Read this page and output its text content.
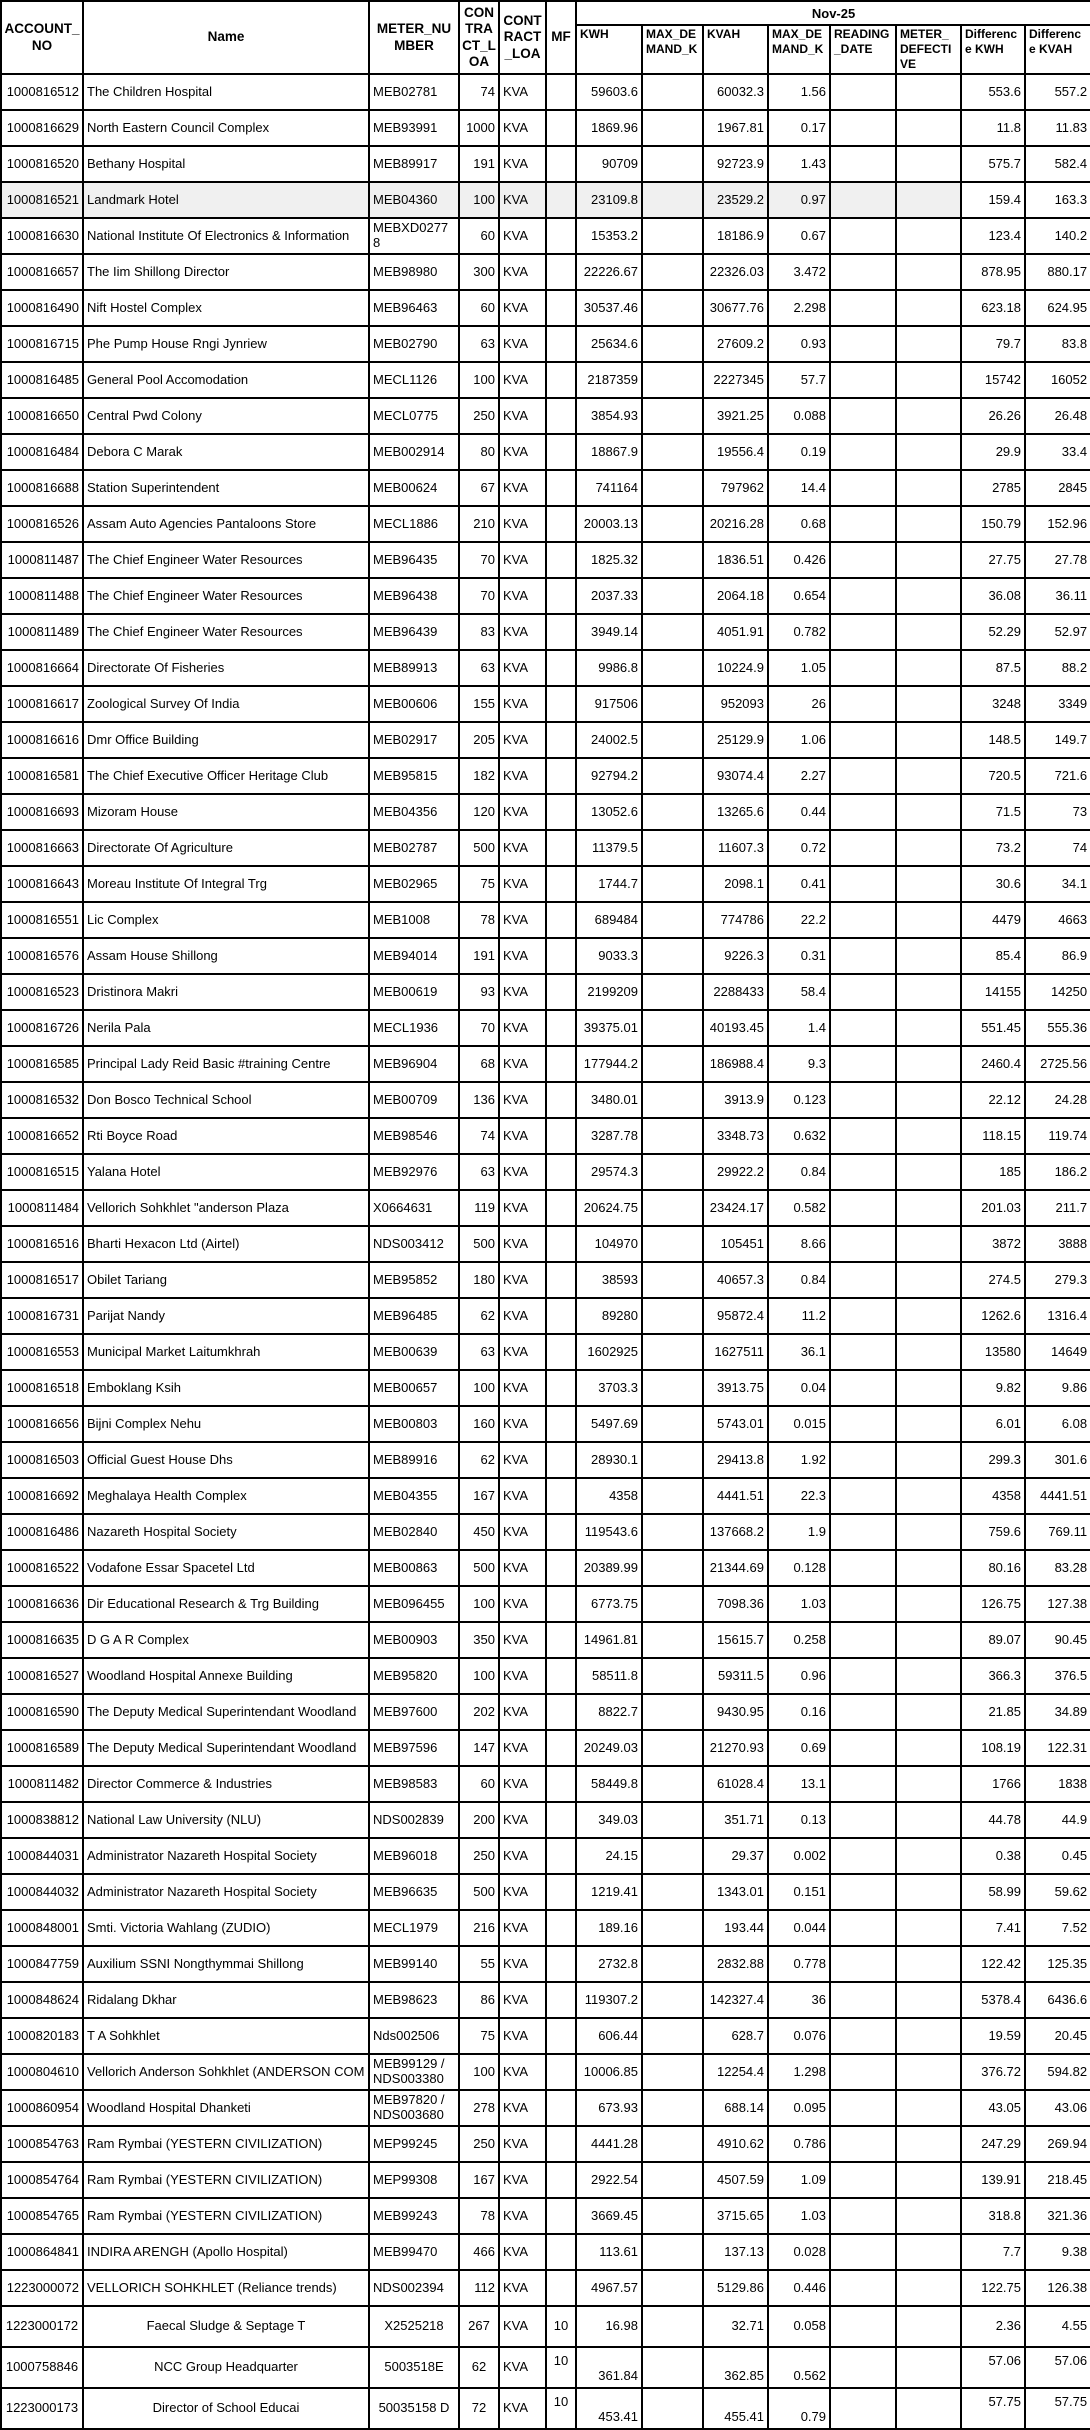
ACCOUNT_NO	Name	METER_NUMBER	CONTRACT_LOA	CONTRACT_LOA	MF	Nov-25							
						KWH	MAX_DEMAND_K	KVAH	MAX_DEMAND_K	READING_DATE	METER_DEFECTIVE	Difference KWH	Difference KVAH
1000816512	The Children Hospital	MEB02781	74	KVA		59603.6		60032.3	1.56			553.6	557.2
1000816629	North Eastern Council Complex	MEB93991	1000	KVA		1869.96		1967.81	0.17			11.8	11.83
1000816520	Bethany Hospital	MEB89917	191	KVA		90709		92723.9	1.43			575.7	582.4
1000816521	Landmark Hotel	MEB04360	100	KVA		23109.8		23529.2	0.97			159.4	163.3
1000816630	National Institute Of Electronics & Information	MEBXD02778	60	KVA		15353.2		18186.9	0.67			123.4	140.2
1000816657	The Iim Shillong Director	MEB98980	300	KVA		22226.67		22326.03	3.472			878.95	880.17
1000816490	Nift Hostel Complex	MEB96463	60	KVA		30537.46		30677.76	2.298			623.18	624.95
1000816715	Phe Pump House Rngi Jynriew	MEB02790	63	KVA		25634.6		27609.2	0.93			79.7	83.8
1000816485	General Pool Accomodation	MECL1126	100	KVA		2187359		2227345	57.7			15742	16052
1000816650	Central Pwd Colony	MECL0775	250	KVA		3854.93		3921.25	0.088			26.26	26.48
1000816484	Debora C Marak	MEB002914	80	KVA		18867.9		19556.4	0.19			29.9	33.4
1000816688	Station Superintendent	MEB00624	67	KVA		741164		797962	14.4			2785	2845
1000816526	Assam Auto Agencies Pantaloons Store	MECL1886	210	KVA		20003.13		20216.28	0.68			150.79	152.96
1000811487	The Chief Engineer Water Resources	MEB96435	70	KVA		1825.32		1836.51	0.426			27.75	27.78
1000811488	The Chief Engineer Water Resources	MEB96438	70	KVA		2037.33		2064.18	0.654			36.08	36.11
1000811489	The Chief Engineer Water Resources	MEB96439	83	KVA		3949.14		4051.91	0.782			52.29	52.97
1000816664	Directorate Of Fisheries	MEB89913	63	KVA		9986.8		10224.9	1.05			87.5	88.2
1000816617	Zoological Survey Of India	MEB00606	155	KVA		917506		952093	26			3248	3349
1000816616	Dmr Office Building	MEB02917	205	KVA		24002.5		25129.9	1.06			148.5	149.7
1000816581	The Chief Executive Officer Heritage Club	MEB95815	182	KVA		92794.2		93074.4	2.27			720.5	721.6
1000816693	Mizoram House	MEB04356	120	KVA		13052.6		13265.6	0.44			71.5	73
1000816663	Directorate Of Agriculture	MEB02787	500	KVA		11379.5		11607.3	0.72			73.2	74
1000816643	Moreau Institute Of Integral Trg	MEB02965	75	KVA		1744.7		2098.1	0.41			30.6	34.1
1000816551	Lic Complex	MEB1008	78	KVA		689484		774786	22.2			4479	4663
1000816576	Assam House Shillong	MEB94014	191	KVA		9033.3		9226.3	0.31			85.4	86.9
1000816523	Dristinora Makri	MEB00619	93	KVA		2199209		2288433	58.4			14155	14250
1000816726	Nerila Pala	MECL1936	70	KVA		39375.01		40193.45	1.4			551.45	555.36
1000816585	Principal Lady Reid Basic #training Centre	MEB96904	68	KVA		177944.2		186988.4	9.3			2460.4	2725.56
1000816532	Don Bosco Technical School	MEB00709	136	KVA		3480.01		3913.9	0.123			22.12	24.28
1000816652	Rti Boyce Road	MEB98546	74	KVA		3287.78		3348.73	0.632			118.15	119.74
1000816515	Yalana Hotel	MEB92976	63	KVA		29574.3		29922.2	0.84			185	186.2
1000811484	Vellorich Sohkhlet "anderson Plaza	X0664631	119	KVA		20624.75		23424.17	0.582			201.03	211.7
1000816516	Bharti Hexacon Ltd (Airtel)	NDS003412	500	KVA		104970		105451	8.66			3872	3888
1000816517	Obilet Tariang	MEB95852	180	KVA		38593		40657.3	0.84			274.5	279.3
1000816731	Parijat Nandy	MEB96485	62	KVA		89280		95872.4	11.2			1262.6	1316.4
1000816553	Municipal Market Laitumkhrah	MEB00639	63	KVA		1602925		1627511	36.1			13580	14649
1000816518	Emboklang Ksih	MEB00657	100	KVA		3703.3		3913.75	0.04			9.82	9.86
1000816656	Bijni Complex Nehu	MEB00803	160	KVA		5497.69		5743.01	0.015			6.01	6.08
1000816503	Official Guest House Dhs	MEB89916	62	KVA		28930.1		29413.8	1.92			299.3	301.6
1000816692	Meghalaya Health Complex	MEB04355	167	KVA		4358		4441.51	22.3			4358	4441.51
1000816486	Nazareth Hospital Society	MEB02840	450	KVA		119543.6		137668.2	1.9			759.6	769.11
1000816522	Vodafone Essar Spacetel Ltd	MEB00863	500	KVA		20389.99		21344.69	0.128			80.16	83.28
1000816636	Dir Educational Research & Trg Building	MEB096455	100	KVA		6773.75		7098.36	1.03			126.75	127.38
1000816635	D G A R Complex	MEB00903	350	KVA		14961.81		15615.7	0.258			89.07	90.45
1000816527	Woodland Hospital Annexe Building	MEB95820	100	KVA		58511.8		59311.5	0.96			366.3	376.5
1000816590	The Deputy Medical Superintendant Woodland	MEB97600	202	KVA		8822.7		9430.95	0.16			21.85	34.89
1000816589	The Deputy Medical Superintendant Woodland	MEB97596	147	KVA		20249.03		21270.93	0.69			108.19	122.31
1000811482	Director Commerce & Industries	MEB98583	60	KVA		58449.8		61028.4	13.1			1766	1838
1000838812	National Law University (NLU)	NDS002839	200	KVA		349.03		351.71	0.13			44.78	44.9
1000844031	Administrator Nazareth Hospital Society	MEB96018	250	KVA		24.15		29.37	0.002			0.38	0.45
1000844032	Administrator Nazareth Hospital Society	MEB96635	500	KVA		1219.41		1343.01	0.151			58.99	59.62
1000848001	Smti. Victoria Wahlang (ZUDIO)	MECL1979	216	KVA		189.16		193.44	0.044			7.41	7.52
1000847759	Auxilium SSNI Nongthymmai Shillong	MEB99140	55	KVA		2732.8		2832.88	0.778			122.42	125.35
1000848624	Ridalang Dkhar	MEB98623	86	KVA		119307.2		142327.4	36			5378.4	6436.6
1000820183	T A Sohkhlet	Nds002506	75	KVA		606.44		628.7	0.076			19.59	20.45
1000804610	Vellorich Anderson Sohkhlet (ANDERSON COM	MEB99129 / NDS003380	100	KVA		10006.85		12254.4	1.298			376.72	594.82
1000860954	Woodland Hospital Dhanketi	MEB97820 / NDS003680	278	KVA		673.93		688.14	0.095			43.05	43.06
1000854763	Ram Rymbai (YESTERN CIVILIZATION)	MEP99245	250	KVA		4441.28		4910.62	0.786			247.29	269.94
1000854764	Ram Rymbai (YESTERN CIVILIZATION)	MEP99308	167	KVA		2922.54		4507.59	1.09			139.91	218.45
1000854765	Ram Rymbai (YESTERN CIVILIZATION)	MEB99243	78	KVA		3669.45		3715.65	1.03			318.8	321.36
1000864841	INDIRA ARENGH (Apollo Hospital)	MEB99470	466	KVA		113.61		137.13	0.028			7.7	9.38
1223000072	VELLORICH SOHKHLET (Reliance trends)	NDS002394	112	KVA		4967.57		5129.86	0.446			122.75	126.38
1223000172	Faecal Sludge & Septage T	X2525218	267	KVA	10	16.98		32.71	0.058			2.36	4.55
1000758846	NCC Group Headquarter	5003518E	62	KVA	10	361.84		362.85	0.562			57.06	57.06
1223000173	Director of School Educai	50035158 D	72	KVA	10	453.41		455.41	0.79			57.75	57.75
